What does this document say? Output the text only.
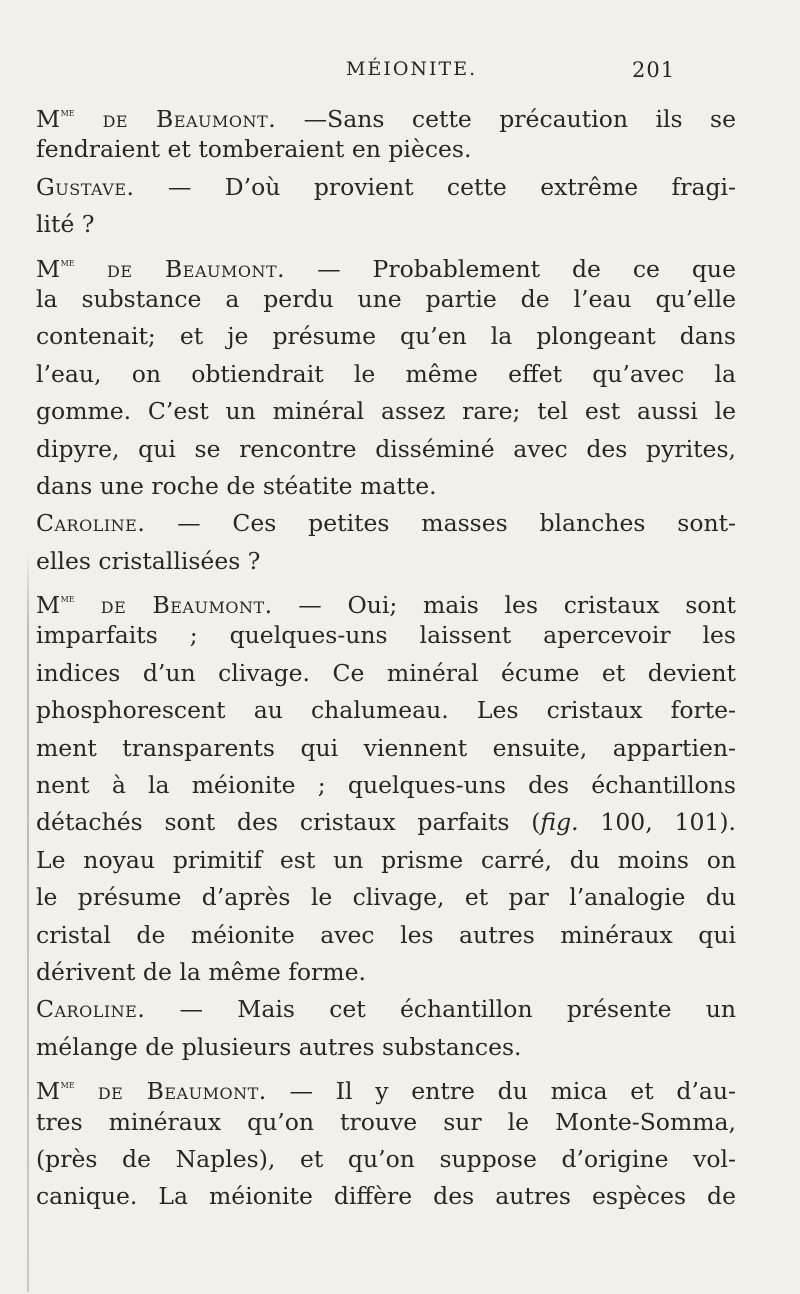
MÉIONITE.	201
$M^{me}$ de Beaumont. —Sans cette précaution ils se
fendraient et tomberaient en pièces.
Gustave. — D’où provient cette extrême fragi-
lité ?
$M^{me}$ de Beaumont. — Probablement de ce que
la substance a perdu une partie de l’eau qu’elle
contenait; et je présume qu’en la plongeant dans
l’eau, on obtiendrait le même effet qu’avec la
gomme. C’est un minéral assez rare; tel est aussi le
dipyre, qui se rencontre disséminé avec des pyrites,
dans une roche de stéatite matte.
Caroline. — Ces petites masses blanches sont-
elles cristallisées ?
$M^{me}$ de Beaumont. — Oui; mais les cristaux sont
imparfaits ; quelques-uns laissent apercevoir les
indices d’un clivage. Ce minéral écume et devient
phosphorescent au chalumeau. Les cristaux forte-
ment transparents qui viennent ensuite, appartien-
nent à la méionite ; quelques-uns des échantillons
détachés sont des cristaux parfaits (fig. 100, 101).
Le noyau primitif est un prisme carré, du moins on
le présume d’après le clivage, et par l’analogie du
cristal de méionite avec les autres minéraux qui
dérivent de la même forme.
Caroline. — Mais cet échantillon présente un
mélange de plusieurs autres substances.
$M^{me}$ de Beaumont. — Il y entre du mica et d’au-
tres minéraux qu’on trouve sur le Monte-Somma,
(près de Naples), et qu’on suppose d’origine vol-
canique. La méionite diffère des autres espèces de
